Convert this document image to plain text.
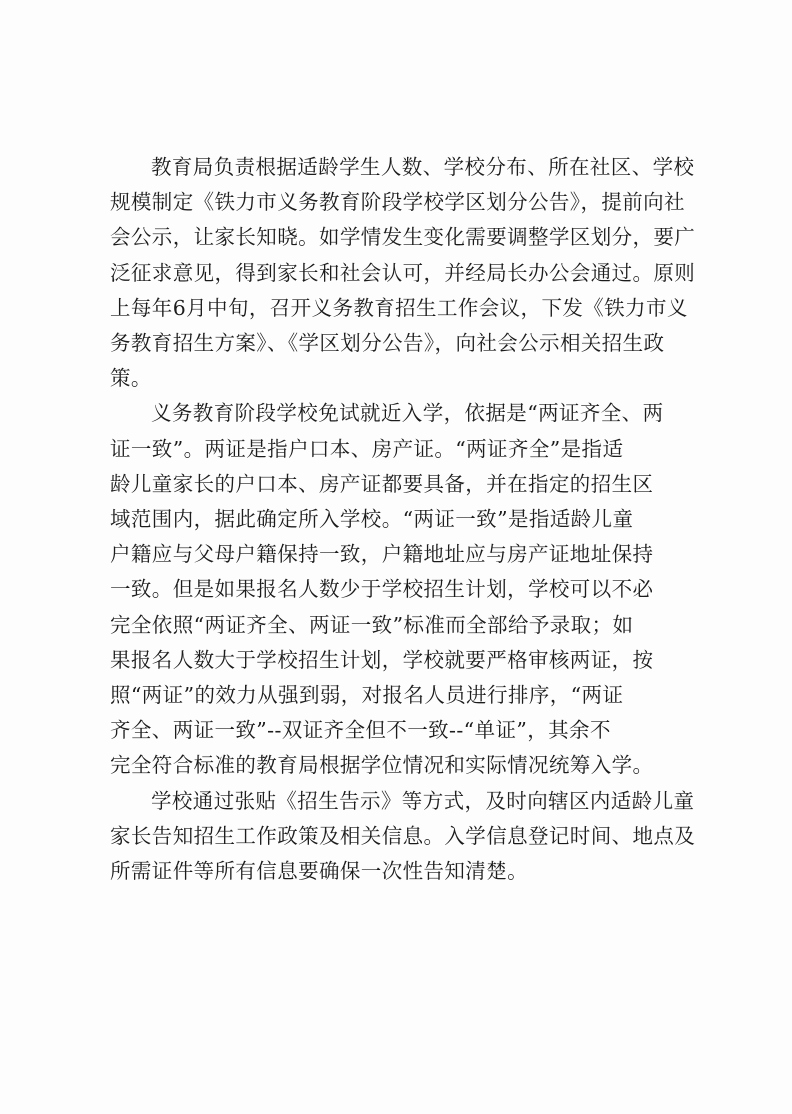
教育局负责根据适龄学生人数、学校分布、所在社区、学校
规模制定《铁力市义务教育阶段学校学区划分公告》，提前向社
会公示，让家长知晓。如学情发生变化需要调整学区划分，要广
泛征求意见，得到家长和社会认可，并经局长办公会通过。原则
上每年6月中旬，召开义务教育招生工作会议，下发《铁力市义
务教育招生方案》、《学区划分公告》，向社会公示相关招生政
策。
义务教育阶段学校免试就近入学，依据是“两证齐全、两
证一致”。两证是指户口本、房产证。“两证齐全”是指适
龄儿童家长的户口本、房产证都要具备，并在指定的招生区
域范围内，据此确定所入学校。“两证一致”是指适龄儿童
户籍应与父母户籍保持一致，户籍地址应与房产证地址保持
一致。但是如果报名人数少于学校招生计划，学校可以不必
完全依照“两证齐全、两证一致”标准而全部给予录取；如
果报名人数大于学校招生计划，学校就要严格审核两证，按
照“两证”的效力从强到弱，对报名人员进行排序，“两证
齐全、两证一致”--双证齐全但不一致--“单证”，其余不
完全符合标准的教育局根据学位情况和实际情况统筹入学。
学校通过张贴《招生告示》等方式，及时向辖区内适龄儿童
家长告知招生工作政策及相关信息。入学信息登记时间、地点及
所需证件等所有信息要确保一次性告知清楚。
